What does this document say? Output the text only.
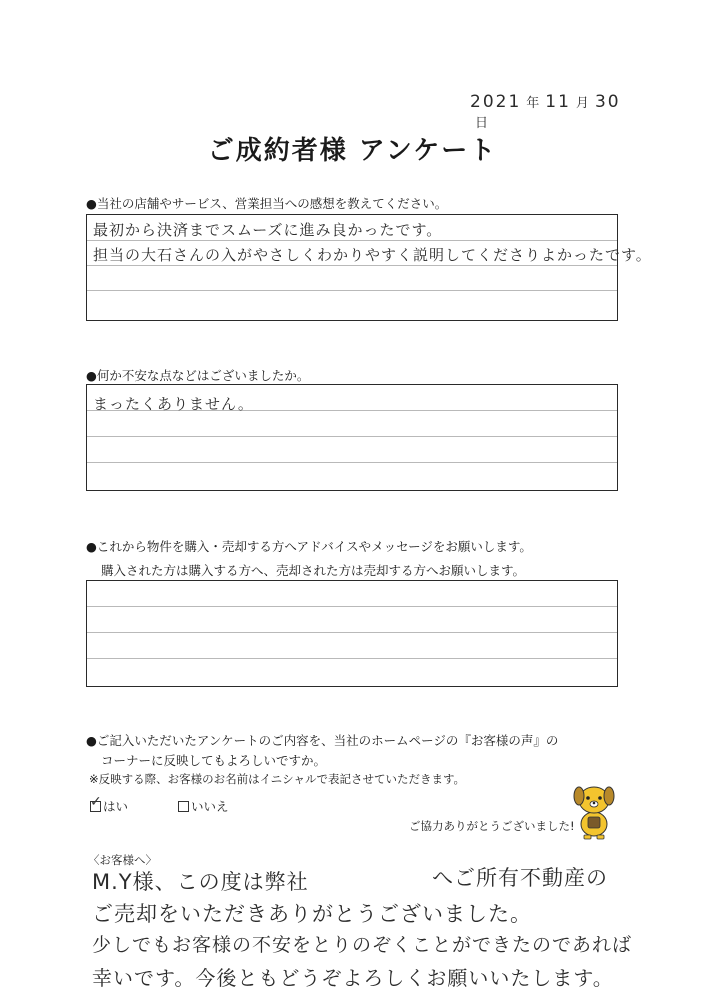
2021 年 11 月 30日
ご成約者様 アンケート
●当社の店舗やサービス、営業担当への感想を教えてください。
最初から決済までスムーズに進み良かったです。
担当の大石さんの入がやさしくわかりやすく説明してくださりよかったです。
●何か不安な点などはございましたか。
まったくありません。
●これから物件を購入・売却する方へアドバイスやメッセージをお願いします。
購入された方は購入する方へ、売却された方は売却する方へお願いします。
●ご記入いただいたアンケートのご内容を、当社のホームページの『お客様の声』の
コーナーに反映してもよろしいですか。
※反映する際、お客様のお名前はイニシャルで表記させていただきます。
✓はい	いいえ
ご協力ありがとうございました!
〈お客様へ〉
M.Y様、この度は弊社	へご所有不動産の
ご売却をいただきありがとうございました。
少しでもお客様の不安をとりのぞくことができたのであれば
幸いです。今後ともどうぞよろしくお願いいたします。
